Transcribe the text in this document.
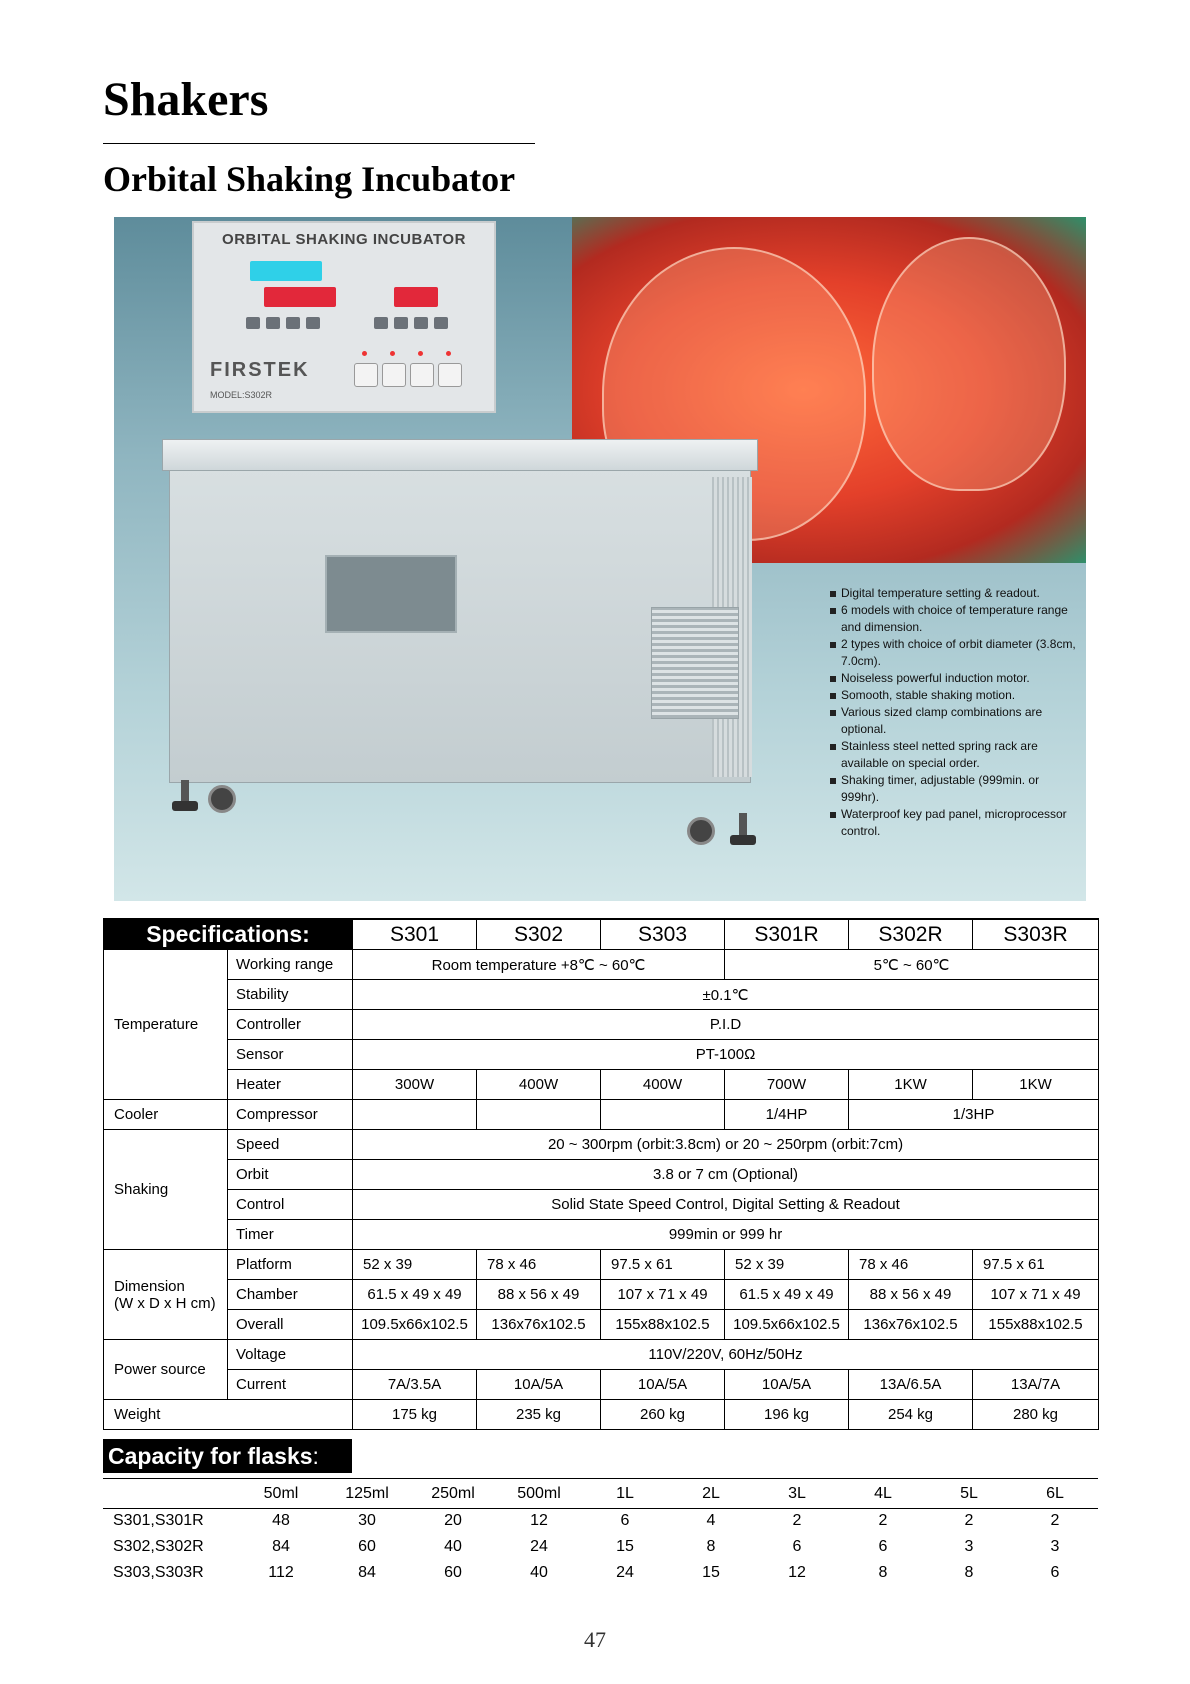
Shakers
Orbital Shaking Incubator
ORBITAL SHAKING INCUBATOR
FIRSTEK
MODEL:S302R
Digital temperature setting & readout.
6 models with choice of temperature range and dimension.
2 types with choice of orbit diameter (3.8cm, 7.0cm).
Noiseless powerful induction motor.
Somooth, stable shaking motion.
Various sized clamp combinations are optional.
Stainless steel netted spring rack are available on special order.
Shaking timer, adjustable (999min. or 999hr).
Waterproof key pad panel, microprocessor control.
Specifications:		S301	S302	S303	S301R	S302R	S303R
Temperature	Working range	Room temperature +8℃ ~ 60℃			5℃ ~ 60℃		
	Stability	±0.1℃					
	Controller	P.I.D					
	Sensor	PT-100Ω					
	Heater	300W	400W	400W	700W	1KW	1KW
Cooler	Compressor				1/4HP	1/3HP	
Shaking	Speed	20 ~ 300rpm (orbit:3.8cm) or 20 ~ 250rpm (orbit:7cm)					
	Orbit	3.8 or 7 cm (Optional)					
	Control	Solid State Speed Control, Digital Setting & Readout					
	Timer	999min or 999 hr					
Dimension
(W x D x H cm)	Platform	52 x 39	78 x 46	97.5 x 61	52 x 39	78 x 46	97.5 x 61
	Chamber	61.5 x 49 x 49	88 x 56 x 49	107 x 71 x 49	61.5 x 49 x 49	88 x 56 x 49	107 x 71 x 49
	Overall	109.5x66x102.5	136x76x102.5	155x88x102.5	109.5x66x102.5	136x76x102.5	155x88x102.5
Power source	Voltage	110V/220V, 60Hz/50Hz					
	Current	7A/3.5A	10A/5A	10A/5A	10A/5A	13A/6.5A	13A/7A
Weight		175 kg	235 kg	260 kg	196 kg	254 kg	280 kg
Capacity for flasks:
	50ml	125ml	250ml	500ml	1L	2L	3L	4L	5L	6L
S301,S301R	48	30	20	12	6	4	2	2	2	2
S302,S302R	84	60	40	24	15	8	6	6	3	3
S303,S303R	112	84	60	40	24	15	12	8	8	6
47
